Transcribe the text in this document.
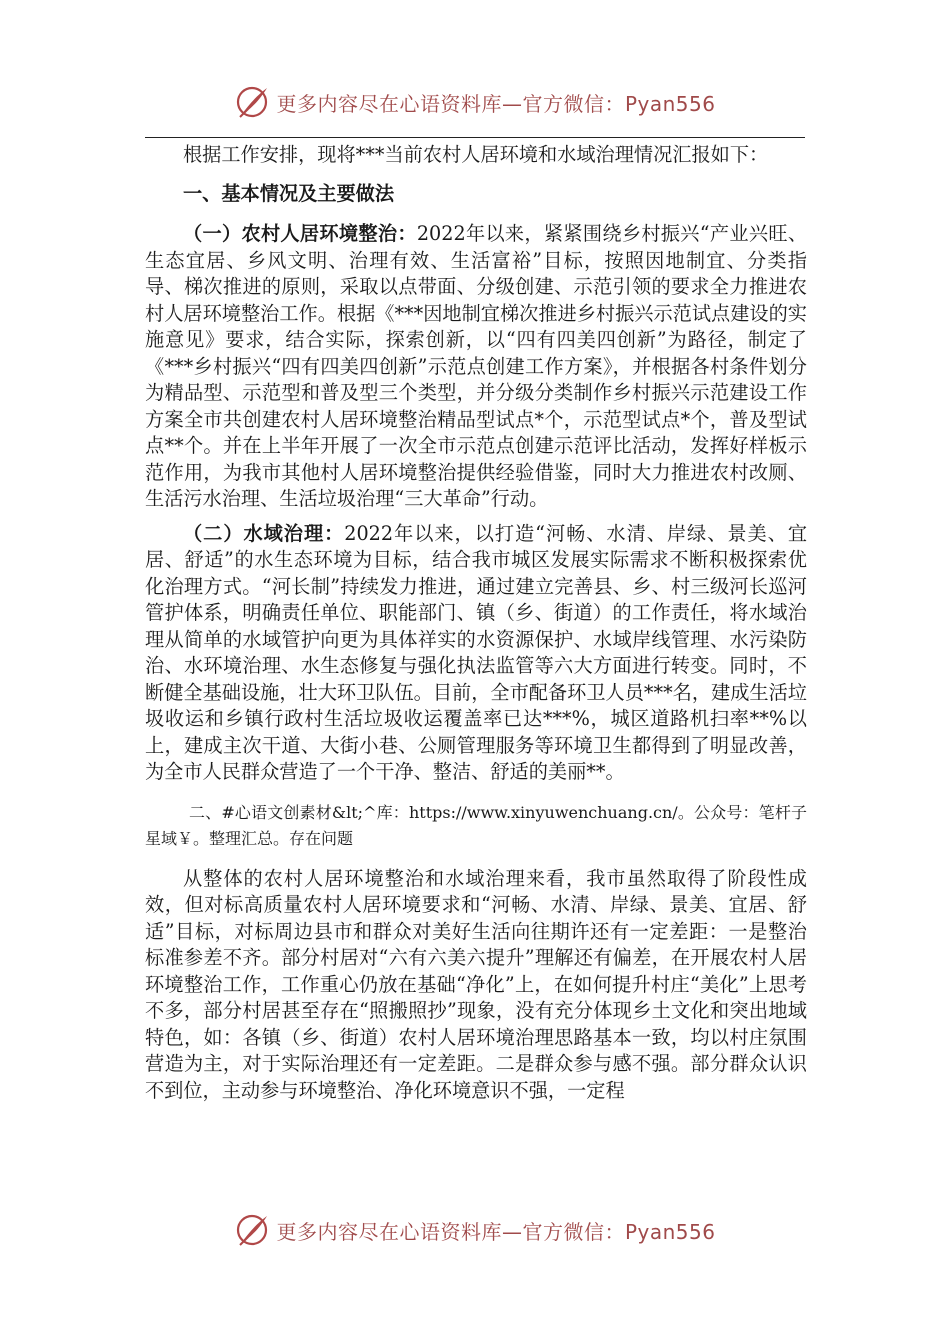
更多内容尽在心语资料库—官方微信：Pyan556

根据工作安排，现将***当前农村人居环境和水域治理情况汇报如下：

一、基本情况及主要做法

（一）农村人居环境整治：2022年以来，紧紧围绕乡村振兴“产业兴旺、生态宜居、乡风文明、治理有效、生活富裕”目标，按照因地制宜、分类指导、梯次推进的原则，采取以点带面、分级创建、示范引领的要求全力推进农村人居环境整治工作。根据《***因地制宜梯次推进乡村振兴示范试点建设的实施意见》要求，结合实际，探索创新，以“四有四美四创新”为路径，制定了《***乡村振兴“四有四美四创新”示范点创建工作方案》，并根据各村条件划分为精品型、示范型和普及型三个类型，并分级分类制作乡村振兴示范建设工作方案全市共创建农村人居环境整治精品型试点*个，示范型试点*个，普及型试点**个。并在上半年开展了一次全市示范点创建示范评比活动，发挥好样板示范作用，为我市其他村人居环境整治提供经验借鉴，同时大力推进农村改厕、生活污水治理、生活垃圾治理“三大革命”行动。

（二）水域治理：2022年以来，以打造“河畅、水清、岸绿、景美、宜居、舒适”的水生态环境为目标，结合我市城区发展实际需求不断积极探索优化治理方式。“河长制”持续发力推进，通过建立完善县、乡、村三级河长巡河管护体系，明确责任单位、职能部门、镇（乡、街道）的工作责任，将水域治理从简单的水域管护向更为具体祥实的水资源保护、水域岸线管理、水污染防治、水环境治理、水生态修复与强化执法监管等六大方面进行转变。同时，不断健全基础设施，壮大环卫队伍。目前，全市配备环卫人员***名，建成生活垃圾收运和乡镇行政村生活垃圾收运覆盖率已达***%，城区道路机扫率**%以上，建成主次干道、大街小巷、公厕管理服务等环境卫生都得到了明显改善，为全市人民群众营造了一个干净、整洁、舒适的美丽**。

二、#心语文创素材&lt;^库：https://www.xinyuwenchuang.cn/。公众号：笔杆子星域￥。整理汇总。存在问题

从整体的农村人居环境整治和水域治理来看，我市虽然取得了阶段性成效，但对标高质量农村人居环境要求和“河畅、水清、岸绿、景美、宜居、舒适”目标，对标周边县市和群众对美好生活向往期许还有一定差距：一是整治标准参差不齐。部分村居对“六有六美六提升”理解还有偏差，在开展农村人居环境整治工作，工作重心仍放在基础“净化”上，在如何提升村庄“美化”上思考不多，部分村居甚至存在“照搬照抄”现象，没有充分体现乡土文化和突出地域特色，如：各镇（乡、街道）农村人居环境治理思路基本一致，均以村庄氛围营造为主，对于实际治理还有一定差距。二是群众参与感不强。部分群众认识不到位，主动参与环境整治、净化环境意识不强，一定程

更多内容尽在心语资料库—官方微信：Pyan556
